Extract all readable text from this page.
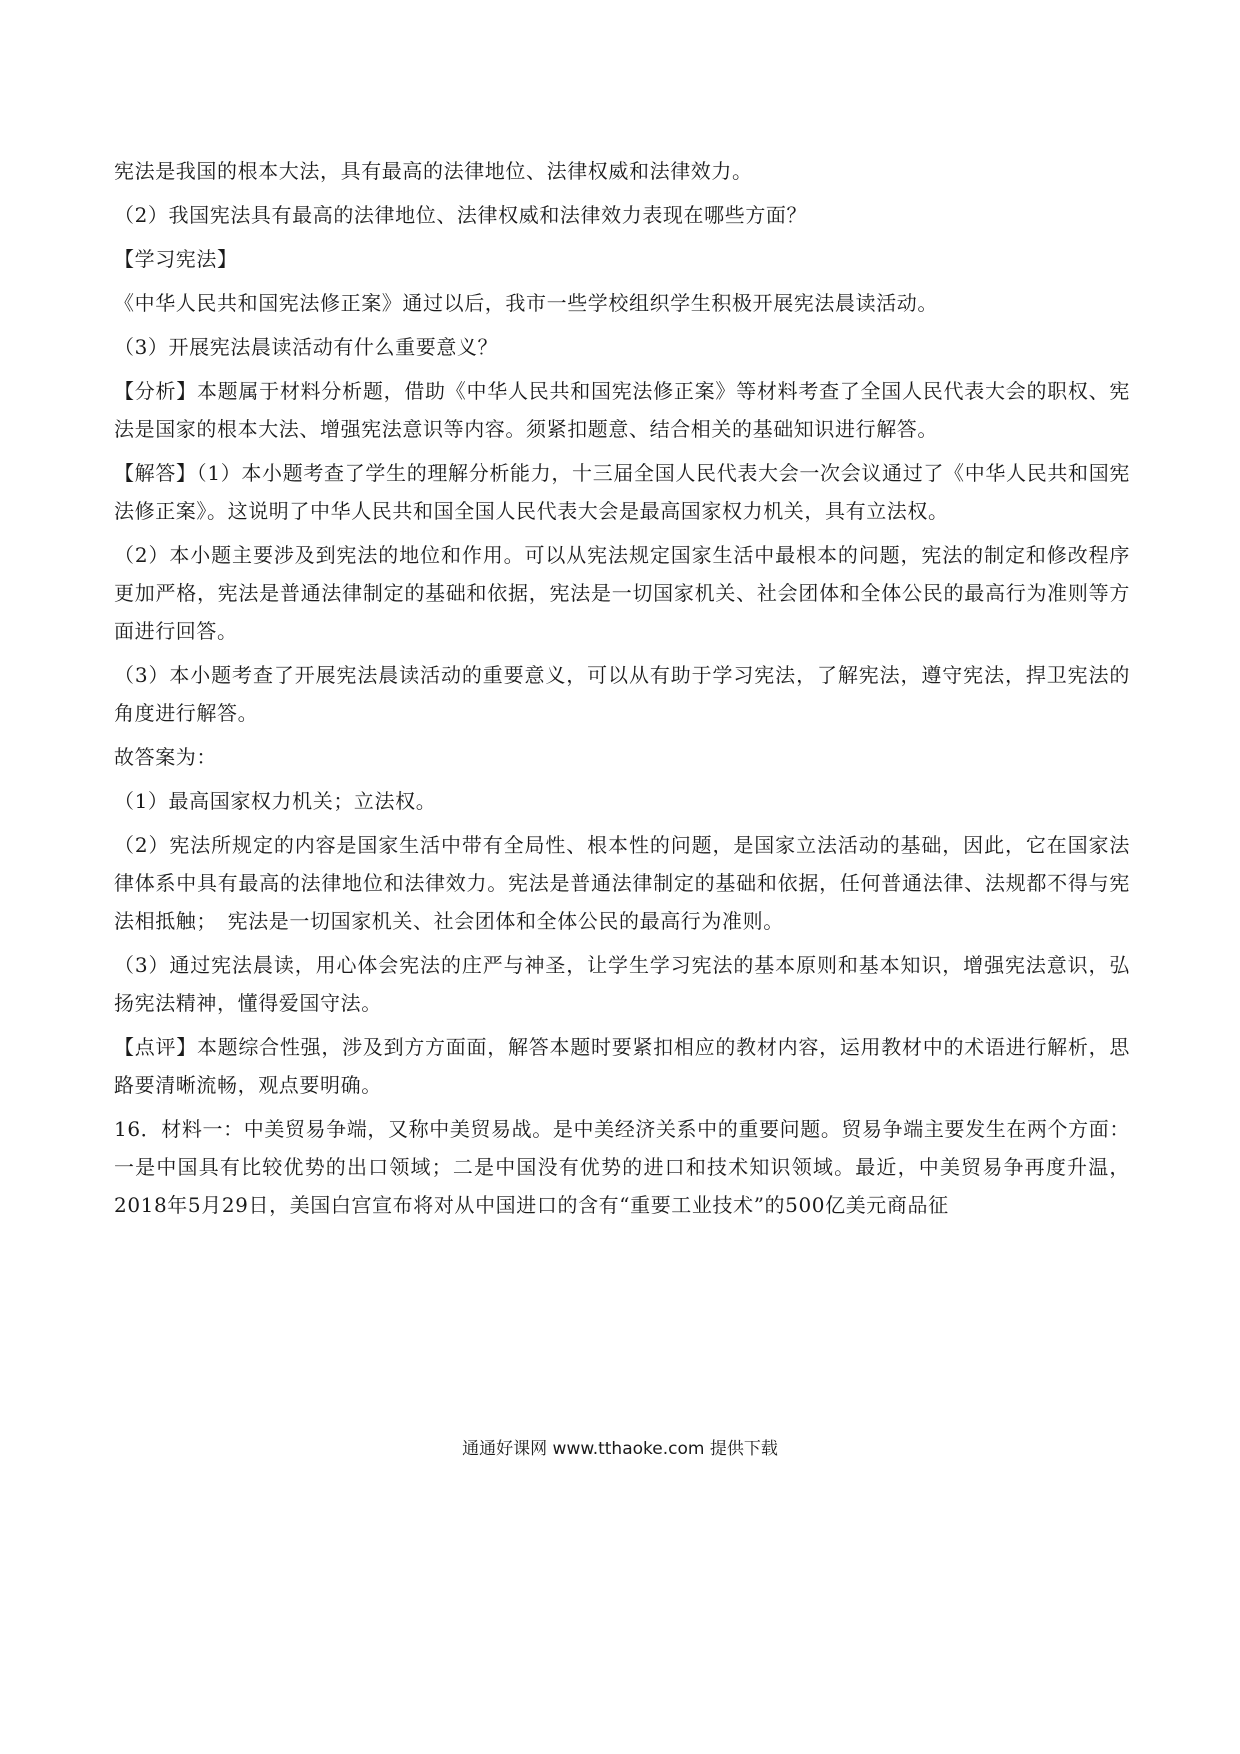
宪法是我国的根本大法，具有最高的法律地位、法律权威和法律效力。

（2）我国宪法具有最高的法律地位、法律权威和法律效力表现在哪些方面？

【学习宪法】

《中华人民共和国宪法修正案》通过以后，我市一些学校组织学生积极开展宪法晨读活动。

（3）开展宪法晨读活动有什么重要意义？

【分析】本题属于材料分析题，借助《中华人民共和国宪法修正案》等材料考查了全国人民代表大会的职权、宪法是国家的根本大法、增强宪法意识等内容。须紧扣题意、结合相关的基础知识进行解答。

【解答】（1）本小题考查了学生的理解分析能力，十三届全国人民代表大会一次会议通过了《中华人民共和国宪法修正案》。这说明了中华人民共和国全国人民代表大会是最高国家权力机关，具有立法权。

（2）本小题主要涉及到宪法的地位和作用。可以从宪法规定国家生活中最根本的问题，宪法的制定和修改程序更加严格，宪法是普通法律制定的基础和依据，宪法是一切国家机关、社会团体和全体公民的最高行为准则等方面进行回答。

（3）本小题考查了开展宪法晨读活动的重要意义，可以从有助于学习宪法，了解宪法，遵守宪法，捍卫宪法的角度进行解答。

故答案为：

（1）最高国家权力机关；立法权。

（2）宪法所规定的内容是国家生活中带有全局性、根本性的问题，是国家立法活动的基础，因此，它在国家法律体系中具有最高的法律地位和法律效力。宪法是普通法律制定的基础和依据，任何普通法律、法规都不得与宪法相抵触；　宪法是一切国家机关、社会团体和全体公民的最高行为准则。

（3）通过宪法晨读，用心体会宪法的庄严与神圣，让学生学习宪法的基本原则和基本知识，增强宪法意识，弘扬宪法精神，懂得爱国守法。

【点评】本题综合性强，涉及到方方面面，解答本题时要紧扣相应的教材内容，运用教材中的术语进行解析，思路要清晰流畅，观点要明确。

16．材料一：中美贸易争端，又称中美贸易战。是中美经济关系中的重要问题。贸易争端主要发生在两个方面：一是中国具有比较优势的出口领域；二是中国没有优势的进口和技术知识领域。最近，中美贸易争再度升温，2018年5月29日，美国白宫宣布将对从中国进口的含有“重要工业技术”的500亿美元商品征

通通好课网 www.tthaoke.com 提供下载
